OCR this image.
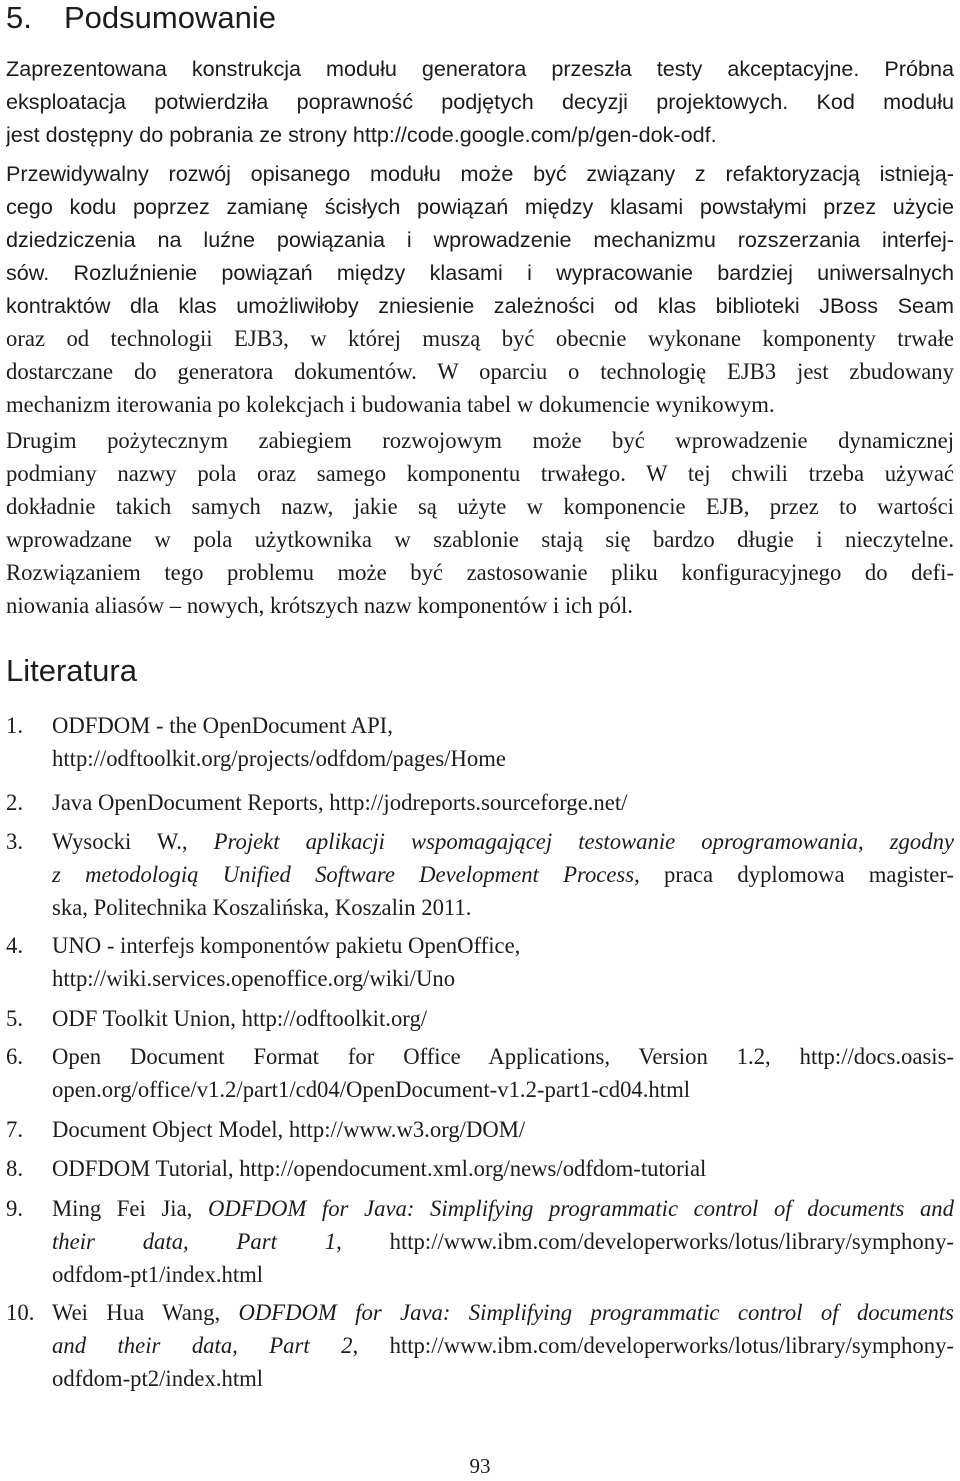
5. Podsumowanie
Zaprezentowana konstrukcja modułu generatora przeszła testy akceptacyjne. Próbna
eksploatacja potwierdziła poprawność podjętych decyzji projektowych. Kod modułu
jest dostępny do pobrania ze strony http://code.google.com/p/gen-dok-odf.
Przewidywalny rozwój opisanego modułu może być związany z refaktoryzacją istnieją-
cego kodu poprzez zamianę ścisłych powiązań między klasami powstałymi przez użycie
dziedziczenia na luźne powiązania i wprowadzenie mechanizmu rozszerzania interfej-
sów. Rozluźnienie powiązań między klasami i wypracowanie bardziej uniwersalnych
kontraktów dla klas umożliwiłoby zniesienie zależności od klas biblioteki JBoss Seam
oraz od technologii EJB3, w której muszą być obecnie wykonane komponenty trwałe
dostarczane do generatora dokumentów. W oparciu o technologię EJB3 jest zbudowany
mechanizm iterowania po kolekcjach i budowania tabel w dokumencie wynikowym.
Drugim pożytecznym zabiegiem rozwojowym może być wprowadzenie dynamicznej
podmiany nazwy pola oraz samego komponentu trwałego. W tej chwili trzeba używać
dokładnie takich samych nazw, jakie są użyte w komponencie EJB, przez to wartości
wprowadzane w pola użytkownika w szablonie stają się bardzo długie i nieczytelne.
Rozwiązaniem tego problemu może być zastosowanie pliku konfiguracyjnego do defi-
niowania aliasów – nowych, krótszych nazw komponentów i ich pól.
Literatura
1.	ODFDOM - the OpenDocument API,
http://odftoolkit.org/projects/odfdom/pages/Home
2.	Java OpenDocument Reports, http://jodreports.sourceforge.net/
3.	Wysocki W., Projekt aplikacji wspomagającej testowanie oprogramowania, zgodny
z metodologią Unified Software Development Process, praca dyplomowa magister-
ska, Politechnika Koszalińska, Koszalin 2011.
4.	UNO - interfejs komponentów pakietu OpenOffice,
http://wiki.services.openoffice.org/wiki/Uno
5.	ODF Toolkit Union, http://odftoolkit.org/
6.	Open Document Format for Office Applications, Version 1.2, http://docs.oasis-
open.org/office/v1.2/part1/cd04/OpenDocument-v1.2-part1-cd04.html
7.	Document Object Model, http://www.w3.org/DOM/
8.	ODFDOM Tutorial, http://opendocument.xml.org/news/odfdom-tutorial
9.	Ming Fei Jia, ODFDOM for Java: Simplifying programmatic control of documents and
their data, Part 1, http://www.ibm.com/developerworks/lotus/library/symphony-
odfdom-pt1/index.html
10. Wei Hua Wang, ODFDOM for Java: Simplifying programmatic control of documents
and their data, Part 2, http://www.ibm.com/developerworks/lotus/library/symphony-
odfdom-pt2/index.html
93
